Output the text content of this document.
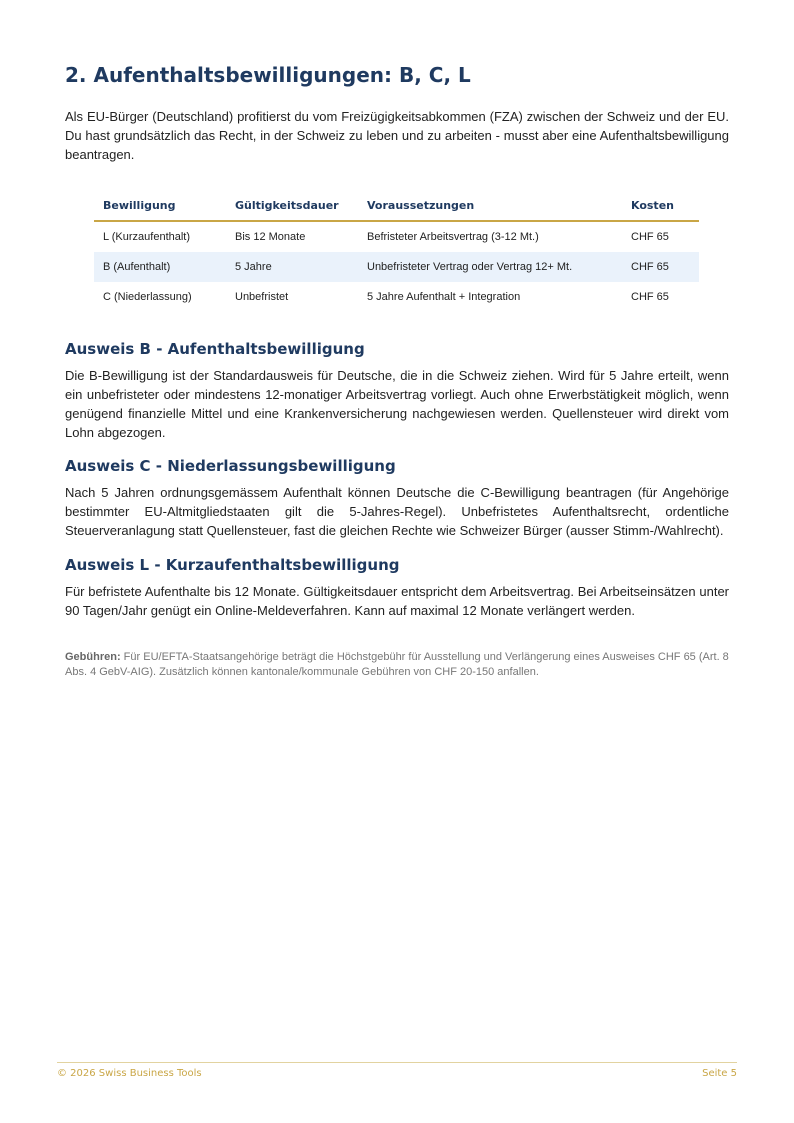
2. Aufenthaltsbewilligungen: B, C, L

Als EU-Bürger (Deutschland) profitierst du vom Freizügigkeitsabkommen (FZA) zwischen der Schweiz und der EU. Du hast grundsätzlich das Recht, in der Schweiz zu leben und zu arbeiten - musst aber eine Aufenthaltsbewilligung beantragen.

Bewilligung	Gültigkeitsdauer	Voraussetzungen	Kosten
L (Kurzaufenthalt)	Bis 12 Monate	Befristeter Arbeitsvertrag (3-12 Mt.)	CHF 65
B (Aufenthalt)	5 Jahre	Unbefristeter Vertrag oder Vertrag 12+ Mt.	CHF 65
C (Niederlassung)	Unbefristet	5 Jahre Aufenthalt + Integration	CHF 65
Ausweis B - Aufenthaltsbewilligung

Die B-Bewilligung ist der Standardausweis für Deutsche, die in die Schweiz ziehen. Wird für 5 Jahre erteilt, wenn ein unbefristeter oder mindestens 12-monatiger Arbeitsvertrag vorliegt. Auch ohne Erwerbstätigkeit möglich, wenn genügend finanzielle Mittel und eine Krankenversicherung nachgewiesen werden. Quellensteuer wird direkt vom Lohn abgezogen.

Ausweis C - Niederlassungsbewilligung

Nach 5 Jahren ordnungsgemässem Aufenthalt können Deutsche die C-Bewilligung beantragen (für Angehörige bestimmter EU-Altmitgliedstaaten gilt die 5-Jahres-Regel). Unbefristetes Aufenthaltsrecht, ordentliche Steuerveranlagung statt Quellensteuer, fast die gleichen Rechte wie Schweizer Bürger (ausser Stimm-/Wahlrecht).

Ausweis L - Kurzaufenthaltsbewilligung

Für befristete Aufenthalte bis 12 Monate. Gültigkeitsdauer entspricht dem Arbeitsvertrag. Bei Arbeitseinsätzen unter 90 Tagen/Jahr genügt ein Online-Meldeverfahren. Kann auf maximal 12 Monate verlängert werden.

Gebühren: Für EU/EFTA-Staatsangehörige beträgt die Höchstgebühr für Ausstellung und Verlängerung eines Ausweises CHF 65 (Art. 8 Abs. 4 GebV-AIG). Zusätzlich können kantonale/kommunale Gebühren von CHF 20-150 anfallen.

© 2026 Swiss Business Tools	Seite 5
